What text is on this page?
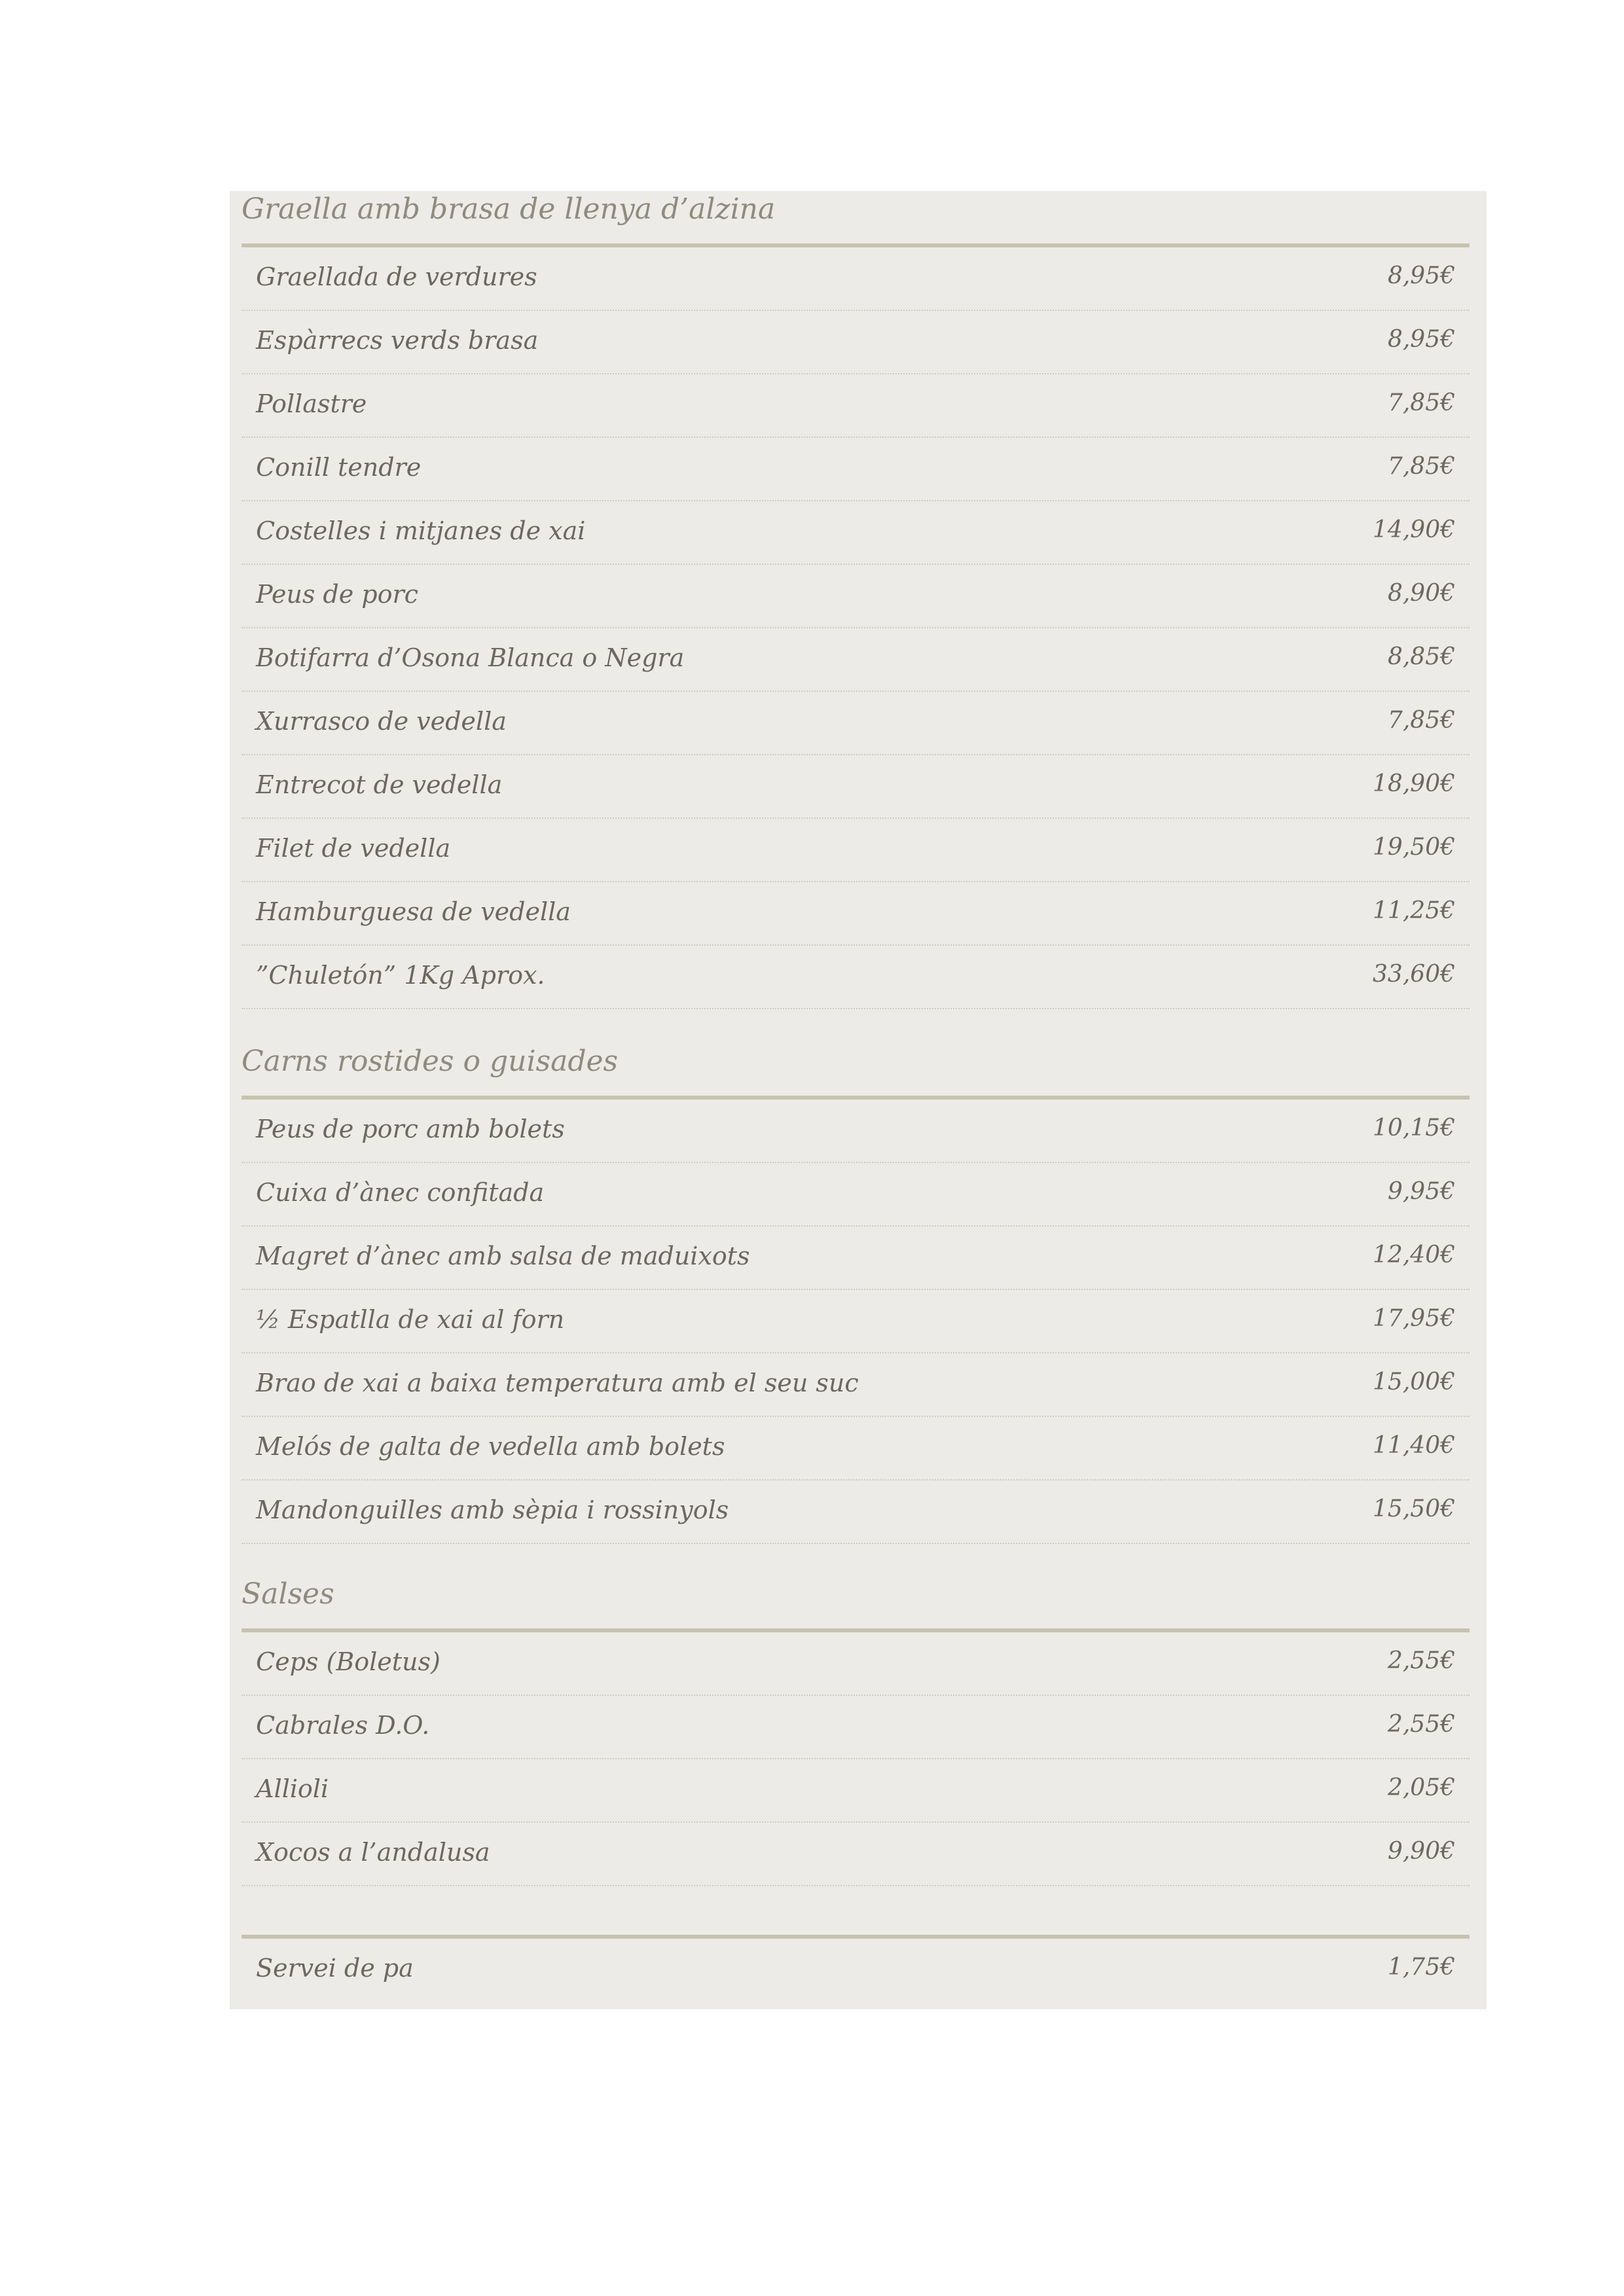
Graella amb brasa de llenya d’alzina
Graellada de verdures	8,95€
Espàrrecs verds brasa	8,95€
Pollastre	7,85€
Conill tendre	7,85€
Costelles i mitjanes de xai	14,90€
Peus de porc	8,90€
Botifarra d’Osona Blanca o Negra	8,85€
Xurrasco de vedella	7,85€
Entrecot de vedella	18,90€
Filet de vedella	19,50€
Hamburguesa de vedella	11,25€
”Chuletón” 1Kg Aprox.	33,60€
Carns rostides o guisades
Peus de porc amb bolets	10,15€
Cuixa d’ànec confitada	9,95€
Magret d’ànec amb salsa de maduixots	12,40€
½ Espatlla de xai al forn	17,95€
Brao de xai a baixa temperatura amb el seu suc	15,00€
Melós de galta de vedella amb bolets	11,40€
Mandonguilles amb sèpia i rossinyols	15,50€
Salses
Ceps (Boletus)	2,55€
Cabrales D.O.	2,55€
Allioli	2,05€
Xocos a l’andalusa	9,90€
Servei de pa	1,75€
